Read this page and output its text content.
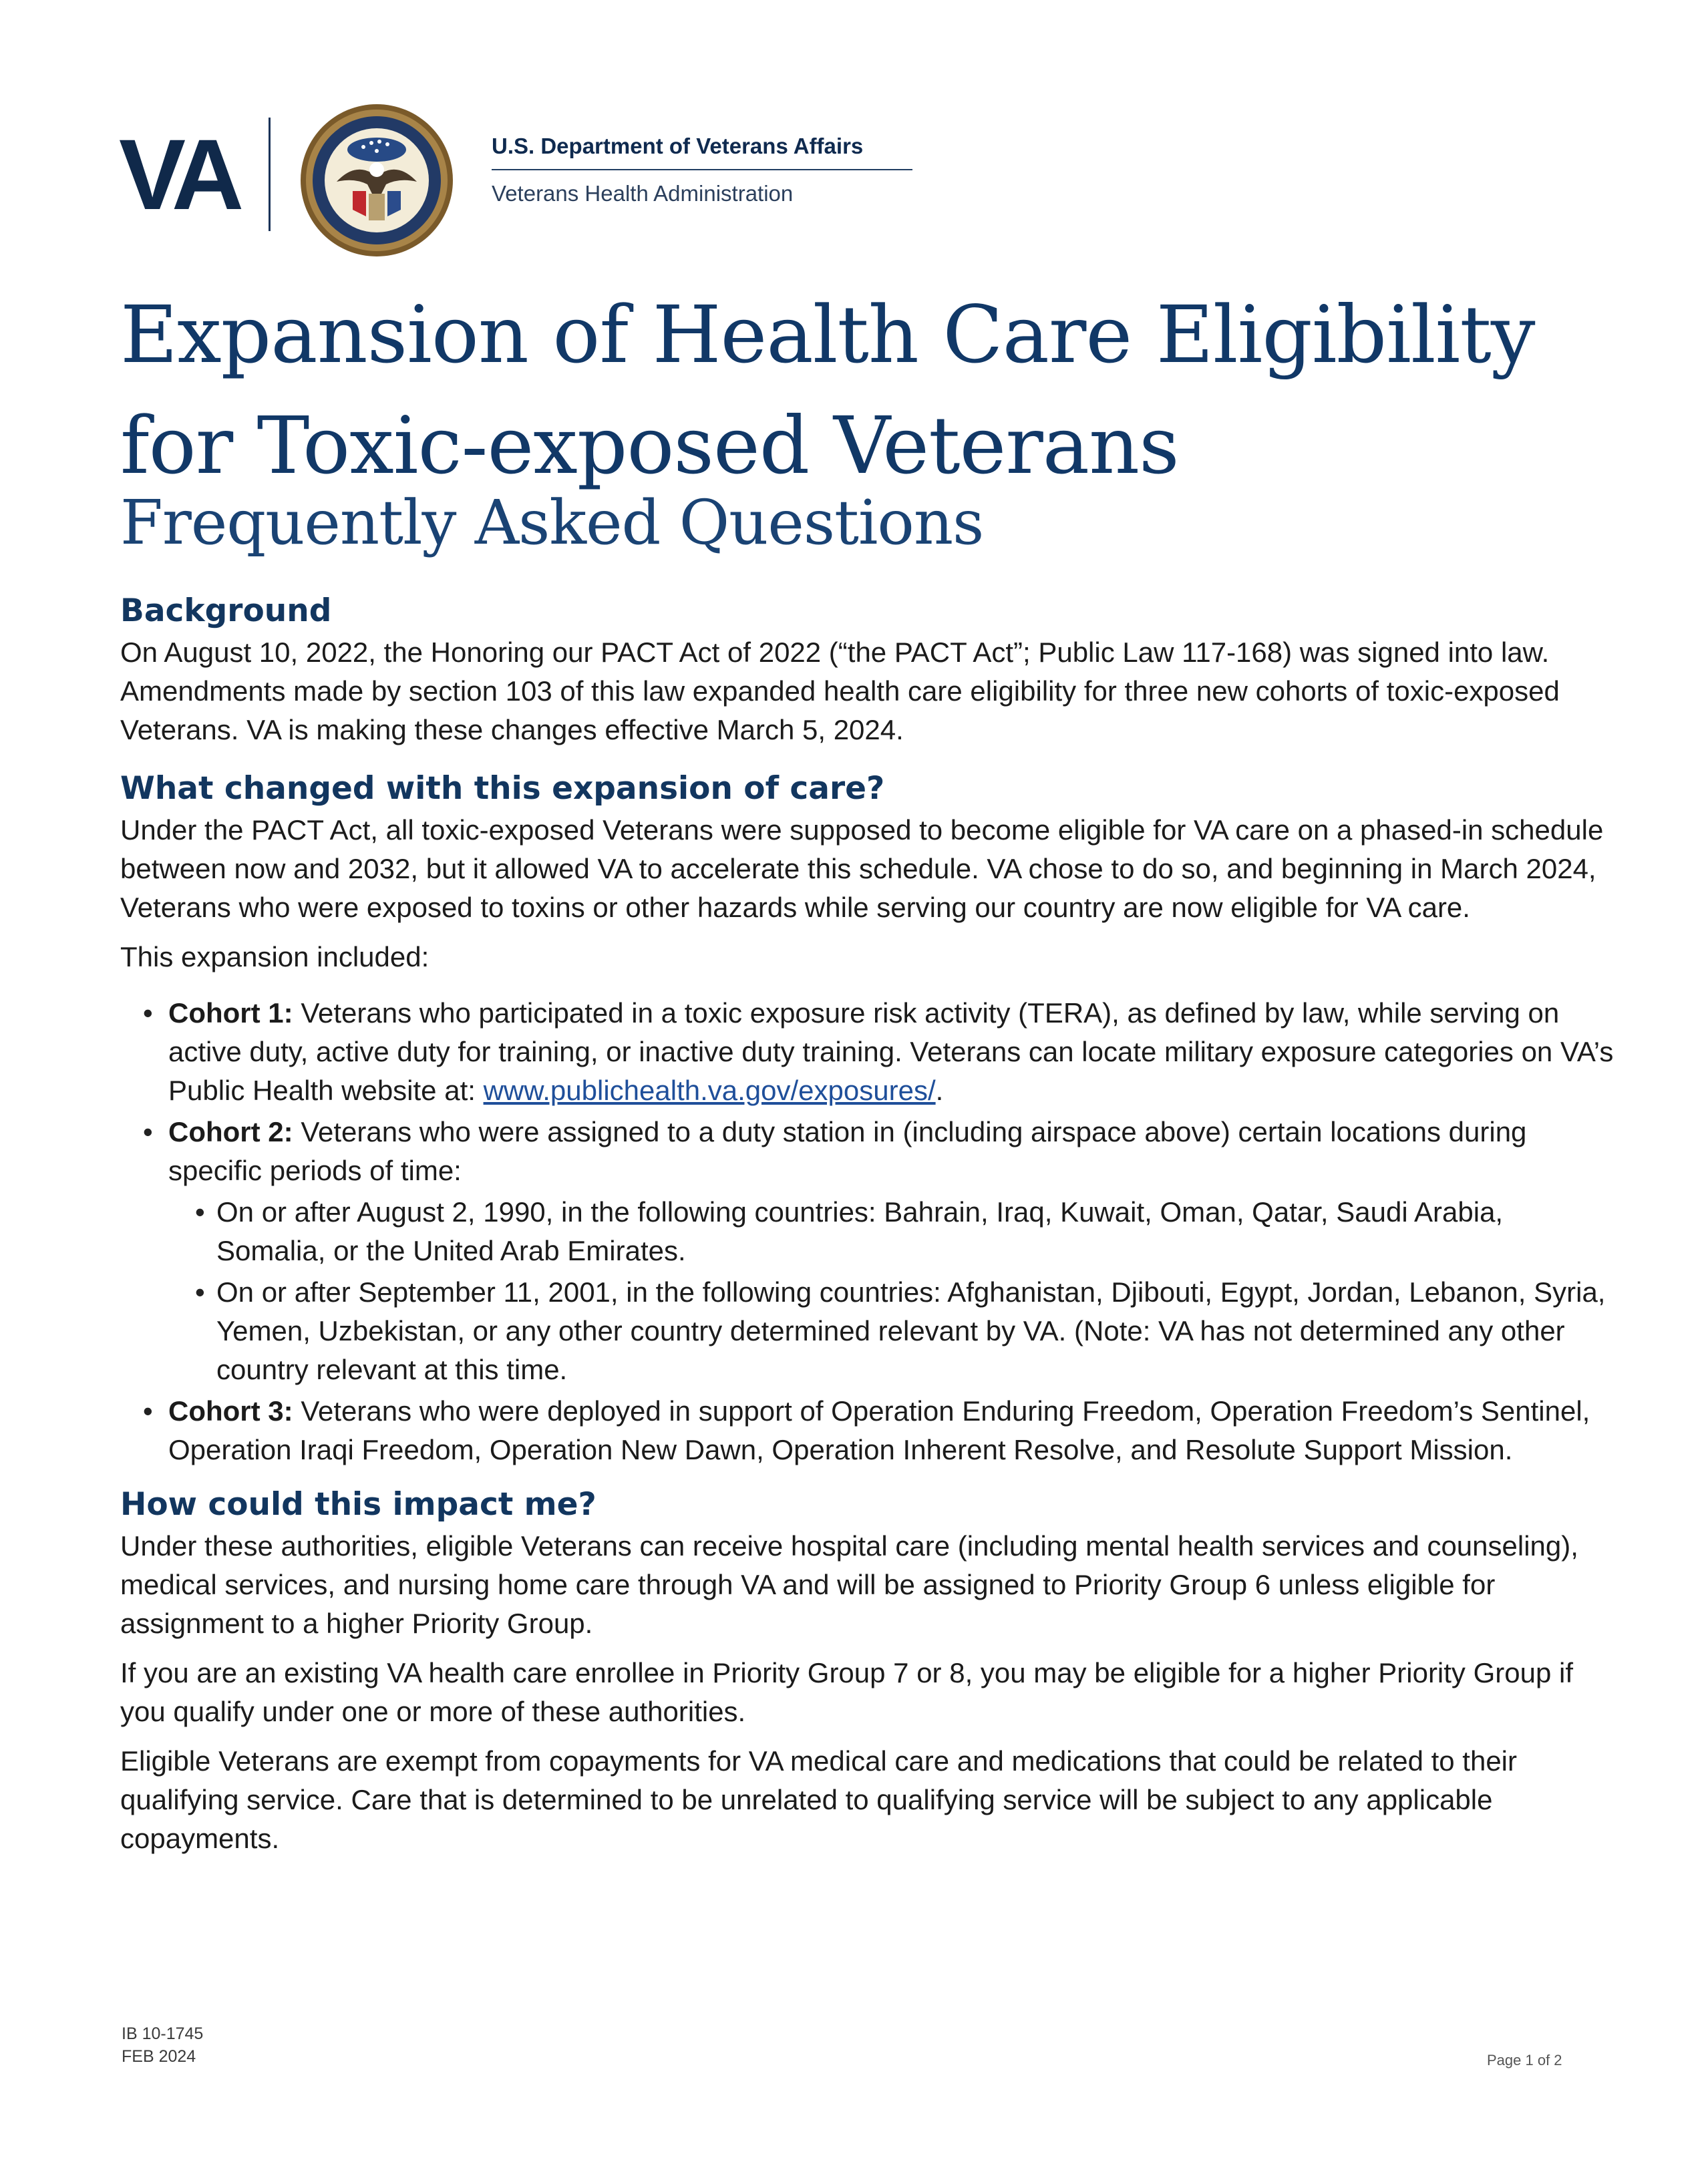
VA	U.S. Department of Veterans Affairs
Veterans Health Administration
Expansion of Health Care Eligibility
for Toxic-exposed Veterans
Frequently Asked Questions
Background

On August 10, 2022, the Honoring our PACT Act of 2022 (“the PACT Act”; Public Law 117-168) was signed into law. Amendments made by section 103 of this law expanded health care eligibility for three new cohorts of toxic-exposed Veterans. VA is making these changes effective March 5, 2024.

What changed with this expansion of care?

Under the PACT Act, all toxic-exposed Veterans were supposed to become eligible for VA care on a phased-in schedule between now and 2032, but it allowed VA to accelerate this schedule. VA chose to do so, and beginning in March 2024, Veterans who were exposed to toxins or other hazards while serving our country are now eligible for VA care.

This expansion included:

• Cohort 1: Veterans who participated in a toxic exposure risk activity (TERA), as defined by law, while serving on active duty, active duty for training, or inactive duty training. Veterans can locate military exposure categories on VA’s Public Health website at: www.publichealth.va.gov/exposures/.
• Cohort 2: Veterans who were assigned to a duty station in (including airspace above) certain locations during specific periods of time:
• On or after August 2, 1990, in the following countries: Bahrain, Iraq, Kuwait, Oman, Qatar, Saudi Arabia, Somalia, or the United Arab Emirates.
• On or after September 11, 2001, in the following countries: Afghanistan, Djibouti, Egypt, Jordan, Lebanon, Syria, Yemen, Uzbekistan, or any other country determined relevant by VA. (Note: VA has not determined any other country relevant at this time.
• Cohort 3: Veterans who were deployed in support of Operation Enduring Freedom, Operation Freedom’s Sentinel, Operation Iraqi Freedom, Operation New Dawn, Operation Inherent Resolve, and Resolute Support Mission.
How could this impact me?

Under these authorities, eligible Veterans can receive hospital care (including mental health services and counseling), medical services, and nursing home care through VA and will be assigned to Priority Group 6 unless eligible for assignment to a higher Priority Group.

If you are an existing VA health care enrollee in Priority Group 7 or 8, you may be eligible for a higher Priority Group if you qualify under one or more of these authorities.

Eligible Veterans are exempt from copayments for VA medical care and medications that could be related to their qualifying service. Care that is determined to be unrelated to qualifying service will be subject to any applicable copayments.

IB 10-1745
FEB 2024	Page 1 of 2
